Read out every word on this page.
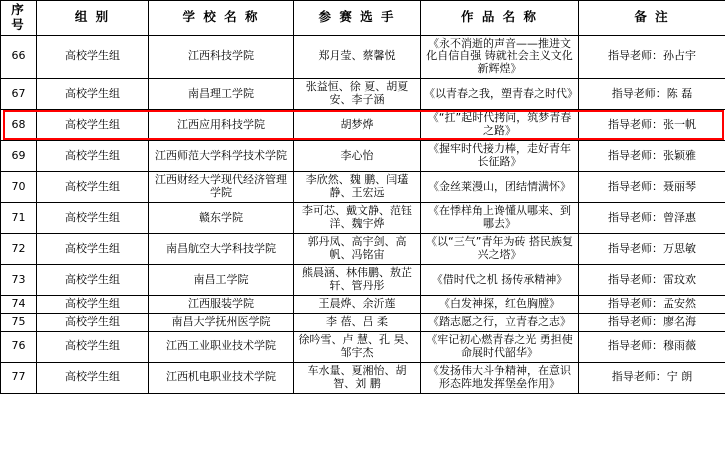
序 号	组 别	学 校 名 称	参 赛 选 手	作 品 名 称	备 注
66	高校学生组	江西科技学院	郑月莹、蔡馨悦	《永不消逝的声音——推进文化自信自强 铸就社会主义文化新辉煌》	指导老师：孙占宇
67	高校学生组	南昌理工学院	张益恒、徐 夏、胡夏安、李子涵	《以青春之我，塑青春之时代》	指导老师：陈 磊
68	高校学生组	江西应用科技学院	胡梦烨	《“扛”起时代拷问，筑梦青春之路》	指导老师：张一帆
69	高校学生组	江西师范大学科学技术学院	李心怡	《握牢时代接力棒，走好青年长征路》	指导老师：张颖雅
70	高校学生组	江西财经大学现代经济管理学院	李欣然、魏 鹏、闫瓂静、王宏远	《金丝莱漫山，团结情满怀》	指导老师：聂丽琴
71	高校学生组	赣东学院	李可芯、戴文静、范钰洋、魏宇烨	《在悸样角上谗懂从哪来、到哪去》	指导老师：曾泽惠
72	高校学生组	南昌航空大学科技学院	郭丹凤、高宇剑、高 帆、冯铭宙	《以“三气”青年为砖 搭民族复兴之塔》	指导老师：万思敏
73	高校学生组	南昌工学院	熊晨涵、林伟鹏、敖芷轩、管丹彤	《借时代之机 扬传承精神》	指导老师：雷玟欢
74	高校学生组	江西服装学院	王晨烨、余沂莲	《白发神探，红色胸膛》	指导老师：孟安然
75	高校学生组	南昌大学抚州医学院	李 蓓、吕 柔	《踏志愿之行，立青春之志》	指导老师：廖名海
76	高校学生组	江西工业职业技术学院	徐吟雪、卢 慧、孔 昊、邹宇杰	《牢记初心燃青春之光 勇担使命展时代韶华》	指导老师：穆雨薇
77	高校学生组	江西机电职业技术学院	车水量、夏湘怡、胡 智、刘 鹏	《发扬伟大斗争精神，在意识形态阵地发挥堡垒作用》	指导老师：宁 朗
